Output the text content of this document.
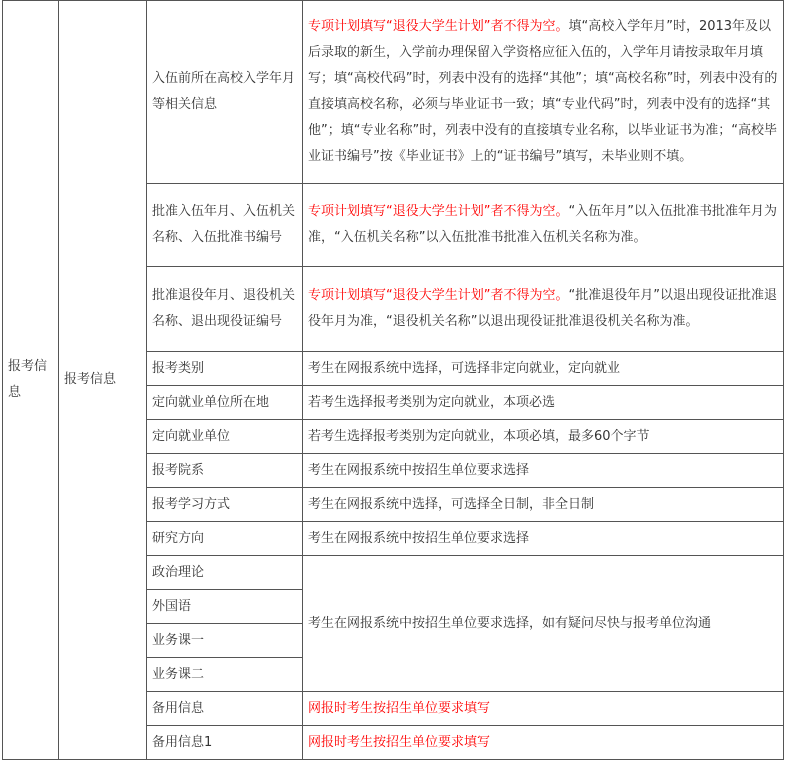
报考信息	报考信息	入伍前所在高校入学年月等相关信息	专项计划填写“退役大学生计划”者不得为空。填“高校入学年月”时，2013年及以后录取的新生，入学前办理保留入学资格应征入伍的，入学年月请按录取年月填写；填“高校代码”时，列表中没有的选择“其他”；填“高校名称”时，列表中没有的直接填高校名称，必须与毕业证书一致；填“专业代码”时，列表中没有的选择“其他”；填“专业名称”时，列表中没有的直接填专业名称，以毕业证书为准；“高校毕业证书编号”按《毕业证书》上的“证书编号”填写，未毕业则不填。
		批准入伍年月、入伍机关名称、入伍批准书编号	专项计划填写“退役大学生计划”者不得为空。“入伍年月”以入伍批准书批准年月为准，“入伍机关名称”以入伍批准书批准入伍机关名称为准。
		批准退役年月、退役机关名称、退出现役证编号	专项计划填写“退役大学生计划”者不得为空。“批准退役年月”以退出现役证批准退役年月为准，“退役机关名称”以退出现役证批准退役机关名称为准。
		报考类别	考生在网报系统中选择，可选择非定向就业，定向就业
		定向就业单位所在地	若考生选择报考类别为定向就业，本项必选
		定向就业单位	若考生选择报考类别为定向就业，本项必填，最多60个字节
		报考院系	考生在网报系统中按招生单位要求选择
		报考学习方式	考生在网报系统中选择，可选择全日制，非全日制
		研究方向	考生在网报系统中按招生单位要求选择
		政治理论	考生在网报系统中按招生单位要求选择，如有疑问尽快与报考单位沟通
		外国语	
		业务课一	
		业务课二	
		备用信息	网报时考生按招生单位要求填写
		备用信息1	网报时考生按招生单位要求填写
